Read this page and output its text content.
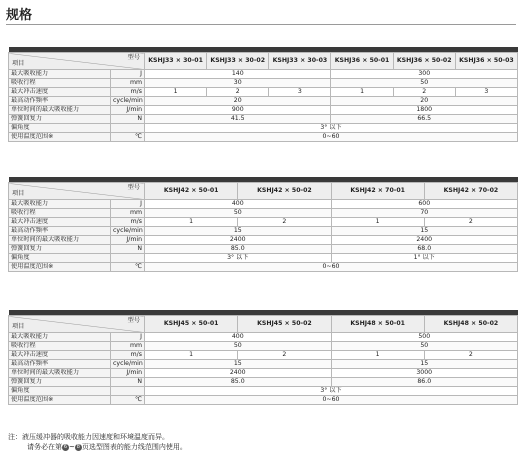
规格

型号
项目		KSHJ33 × 30-01	KSHJ33 × 30-02	KSHJ33 × 30-03	KSHJ36 × 50-01	KSHJ36 × 50-02	KSHJ36 × 50-03
最大吸收能力	J	140			300		
吸收行程	mm	30			50		
最大冲击速度	m/s	1	2	3	1	2	3
最高动作频率	cycle/min	20			20		
单位时间的最大吸收能力	J/min	900			1800		
弹簧回复力	N	41.5			66.5		
偏角度		3° 以下					
使用温度范围※	℃	0~60					

型号
项目		KSHJ42 × 50-01	KSHJ42 × 50-02	KSHJ42 × 70-01	KSHJ42 × 70-02
最大吸收能力	J	400		600	
吸收行程	mm	50		70	
最大冲击速度	m/s	1	2	1	2
最高动作频率	cycle/min	15		15	
单位时间的最大吸收能力	J/min	2400		2400	
弹簧回复力	N	85.0		68.0	
偏角度		3° 以下		1° 以下	
使用温度范围※	℃	0~60			

型号
项目		KSHJ45 × 50-01	KSHJ45 × 50-02	KSHJ48 × 50-01	KSHJ48 × 50-02
最大吸收能力	J	400		500	
吸收行程	mm	50		50	
最大冲击速度	m/s	1	2	1	2
最高动作频率	cycle/min	15		15	
单位时间的最大吸收能力	J/min	2400		3000	
弹簧回复力	N	85.0		86.0	
偏角度		3° 以下			
使用温度范围※	℃	0~60			
注：液压缓冲器的吸收能力因速度和环境温度而异。
请务必在第 6 ~ 8 页选型图表的能力线范围内使用。
